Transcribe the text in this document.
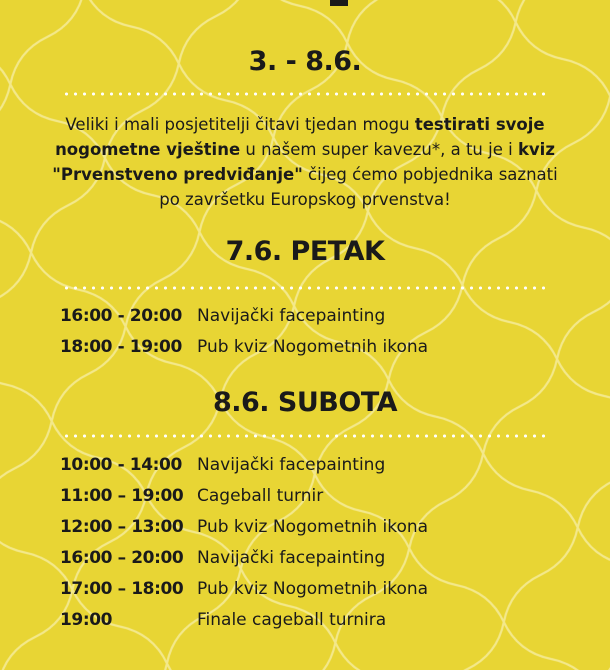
3. - 8.6.
Veliki i mali posjetitelji čitavi tjedan mogu testirati svoje nogometne vještine u našem super kavezu*, a tu je i kviz "Prvenstveno predviđanje" čijeg ćemo pobjednika saznati po završetku Europskog prvenstva!
7.6. PETAK
16:00 - 20:00 Navijački facepainting
18:00 - 19:00 Pub kviz Nogometnih ikona
8.6. SUBOTA
10:00 - 14:00 Navijački facepainting
11:00 – 19:00 Cageball turnir
12:00 – 13:00 Pub kviz Nogometnih ikona
16:00 – 20:00 Navijački facepainting
17:00 – 18:00 Pub kviz Nogometnih ikona
19:00	Finale cageball turnira
